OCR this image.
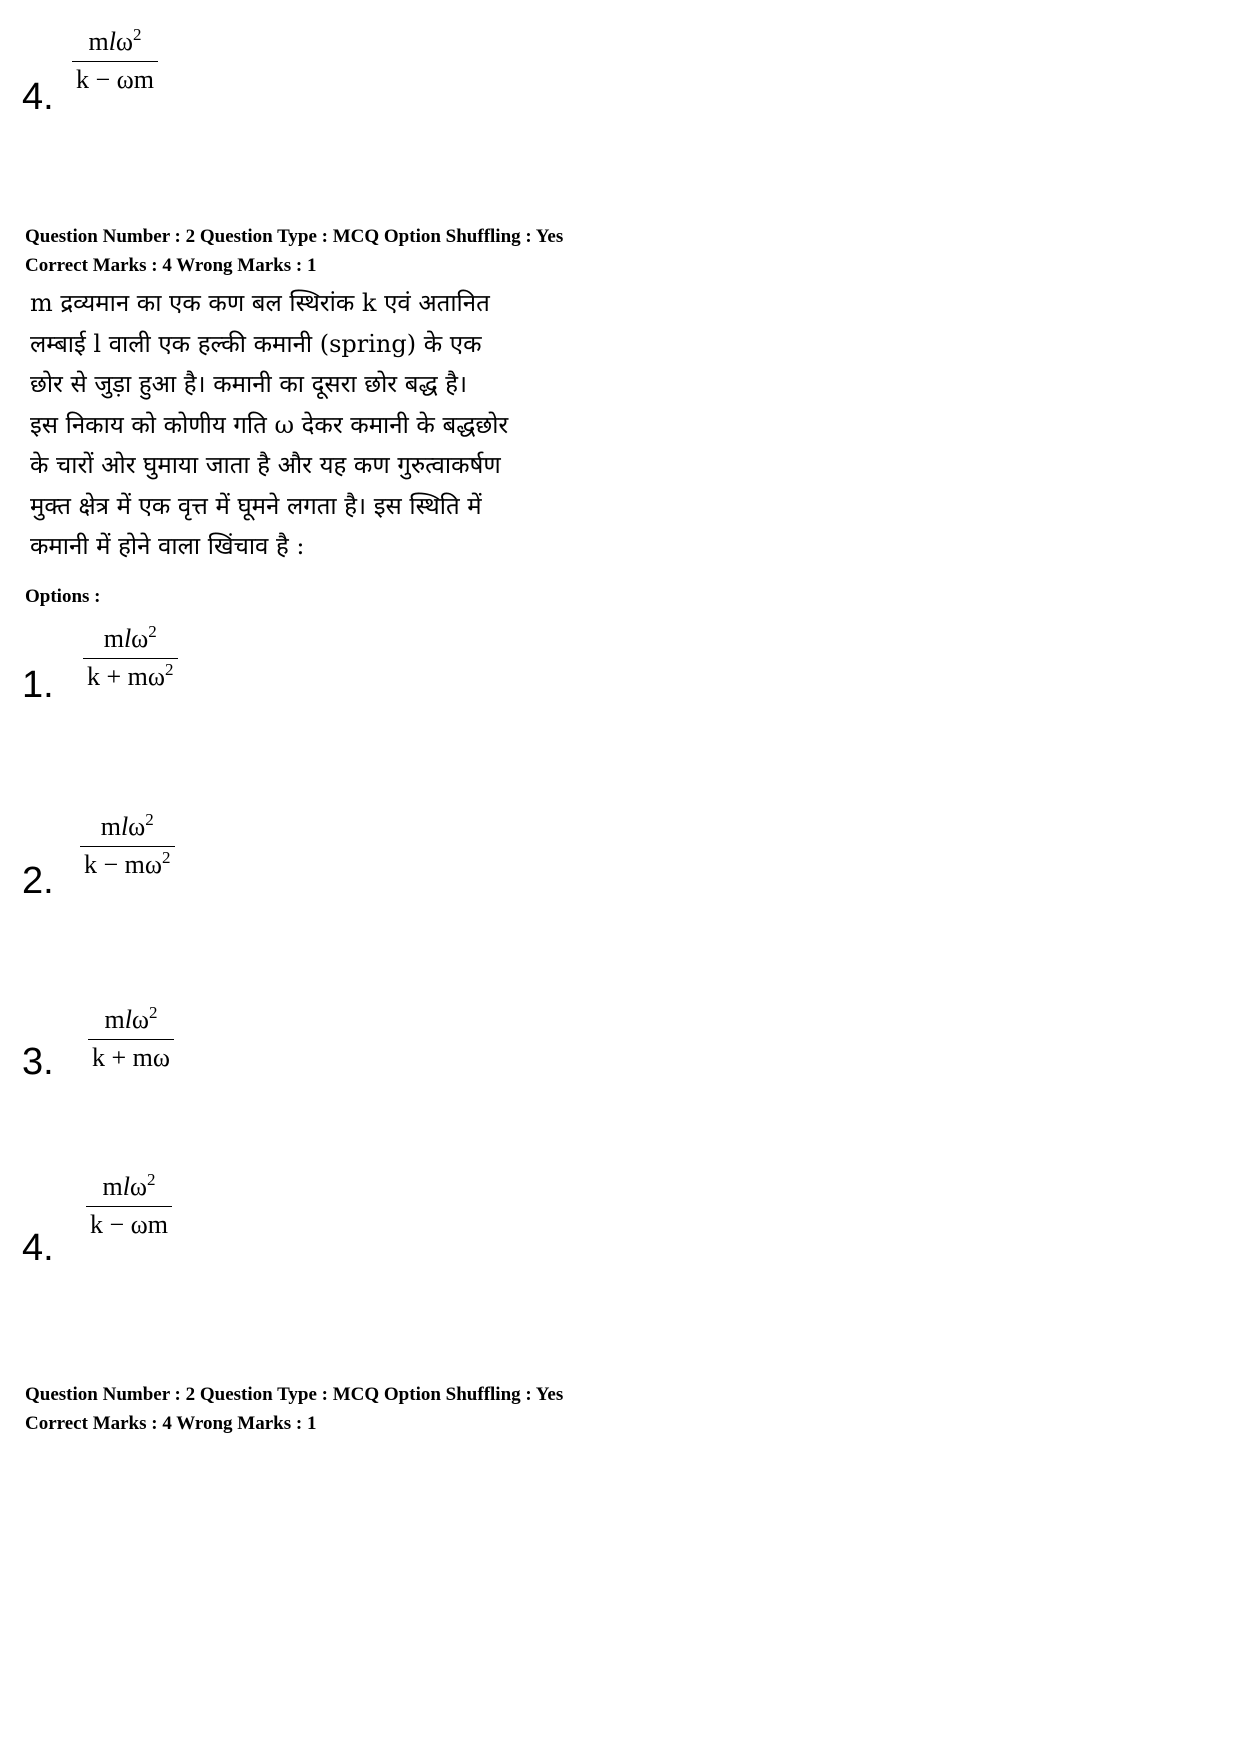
4.
mlω$^2$
k − ωm
Question Number : 2 Question Type : MCQ Option Shuffling : Yes
Correct Marks : 4 Wrong Marks : 1
m द्रव्यमान का एक कण बल स्थिरांक k एवं अतानित
लम्बाई l वाली एक हल्की कमानी (spring) के एक
छोर से जुड़ा हुआ है। कमानी का दूसरा छोर बद्ध है।
इस निकाय को कोणीय गति ω देकर कमानी के बद्धछोर
के चारों ओर घुमाया जाता है और यह कण गुरुत्वाकर्षण
मुक्त क्षेत्र में एक वृत्त में घूमने लगता है। इस स्थिति में
कमानी में होने वाला खिंचाव है :
Options :
1.
mlω$^2$
$k + m\omega^2$
2.
mlω$^2$
$k - m\omega^2$
3.
mlω$^2$
k + mω
4.
mlω$^2$
k − ωm
Question Number : 2 Question Type : MCQ Option Shuffling : Yes
Correct Marks : 4 Wrong Marks : 1
